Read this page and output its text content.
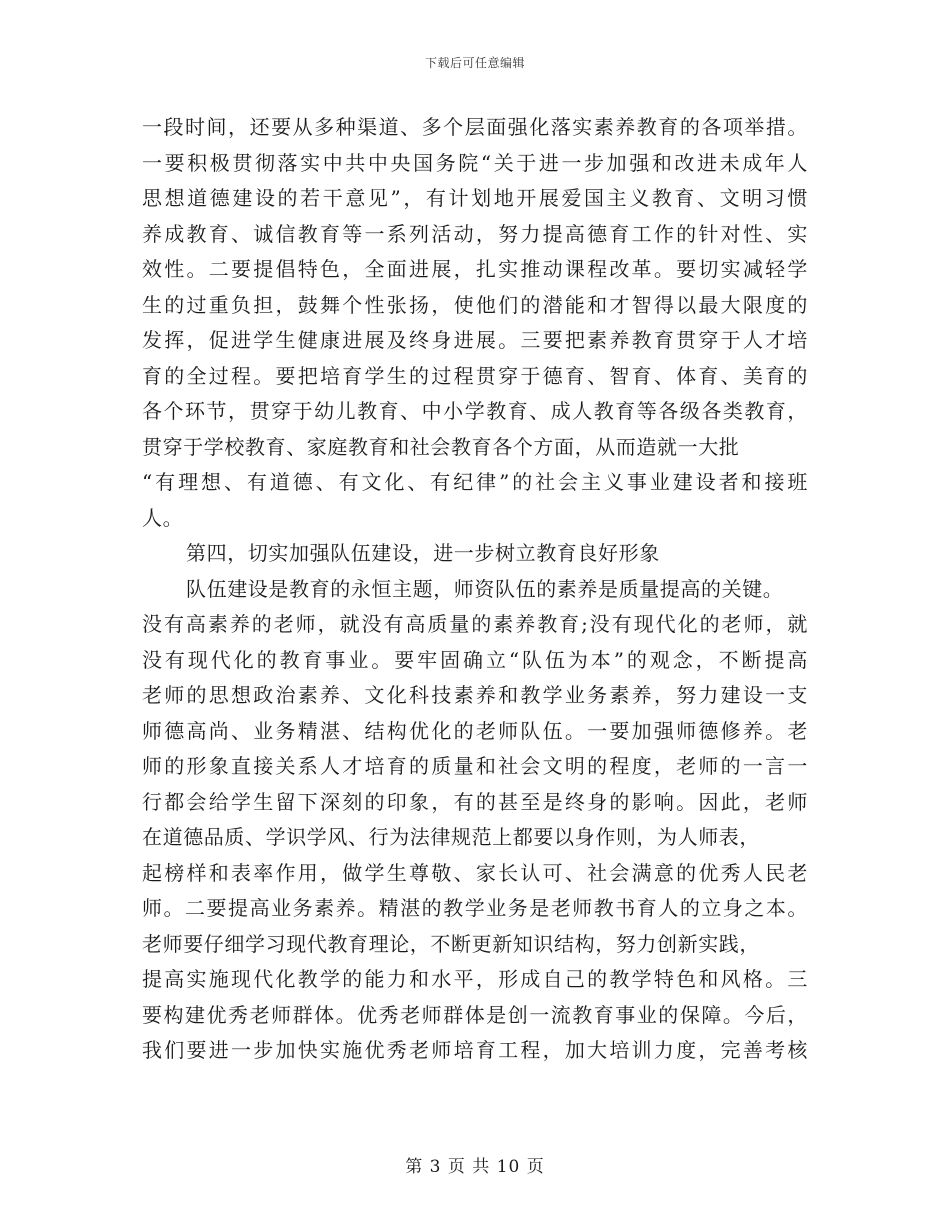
下载后可任意编辑
一段时间，还要从多种渠道、多个层面强化落实素养教育的各项举措。
一要积极贯彻落实中共中央国务院“关于进一步加强和改进未成年人
思想道德建设的若干意见”，有计划地开展爱国主义教育、文明习惯
养成教育、诚信教育等一系列活动，努力提高德育工作的针对性、实
效性。二要提倡特色，全面进展，扎实推动课程改革。要切实减轻学
生的过重负担，鼓舞个性张扬，使他们的潜能和才智得以最大限度的
发挥，促进学生健康进展及终身进展。三要把素养教育贯穿于人才培
育的全过程。要把培育学生的过程贯穿于德育、智育、体育、美育的
各个环节，贯穿于幼儿教育、中小学教育、成人教育等各级各类教育，
贯穿于学校教育、家庭教育和社会教育各个方面，从而造就一大批
“有理想、有道德、有文化、有纪律”的社会主义事业建设者和接班
人。
第四，切实加强队伍建设，进一步树立教育良好形象
队伍建设是教育的永恒主题，师资队伍的素养是质量提高的关键。
没有高素养的老师，就没有高质量的素养教育;没有现代化的老师，就
没有现代化的教育事业。要牢固确立“队伍为本”的观念，不断提高
老师的思想政治素养、文化科技素养和教学业务素养，努力建设一支
师德高尚、业务精湛、结构优化的老师队伍。一要加强师德修养。老
师的形象直接关系人才培育的质量和社会文明的程度，老师的一言一
行都会给学生留下深刻的印象，有的甚至是终身的影响。因此，老师
在道德品质、学识学风、行为法律规范上都要以身作则，为人师表，
起榜样和表率作用，做学生尊敬、家长认可、社会满意的优秀人民老
师。二要提高业务素养。精湛的教学业务是老师教书育人的立身之本。
老师要仔细学习现代教育理论，不断更新知识结构，努力创新实践，
提高实施现代化教学的能力和水平，形成自己的教学特色和风格。三
要构建优秀老师群体。优秀老师群体是创一流教育事业的保障。今后，
我们要进一步加快实施优秀老师培育工程，加大培训力度，完善考核
第 3 页 共 10 页
